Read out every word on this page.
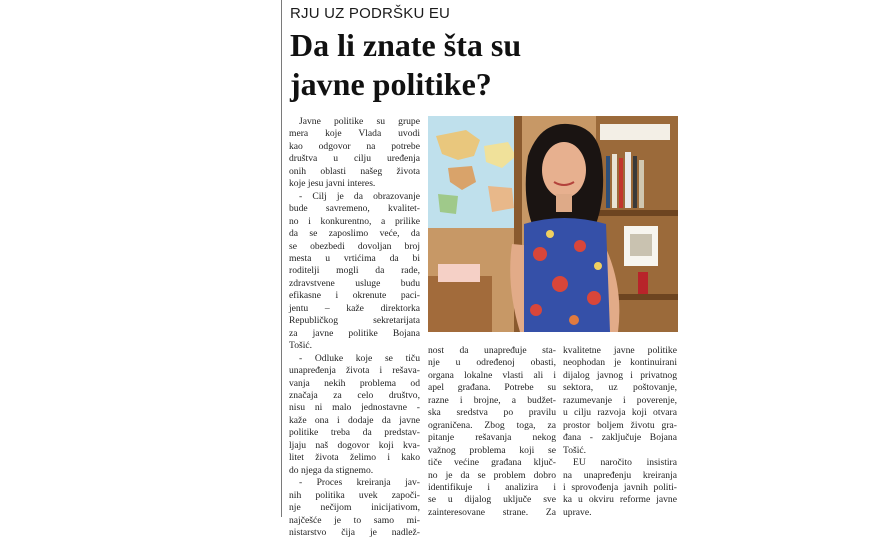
RJU UZ PODRŠKU EU
Da li znate šta su
javne politike?
Javne politike su grupe
mera koje Vlada uvodi
kao odgovor na potrebe
društva u cilju uređenja
onih oblasti našeg života
koje jesu javni interes.
- Cilj je da obrazovanje
bude savremeno, kvalitet-
no i konkurentno, a prilike
da se zaposlimo veće, da
se obezbedi dovoljan broj
mesta u vrtićima da bi
roditelji mogli da rade,
zdravstvene usluge budu
efikasne i okrenute paci-
jentu – kaže direktorka
Republičkog sekretarijata
za javne politike Bojana
Tošić.
- Odluke koje se tiču
unapređenja života i rešava-
vanja nekih problema od
značaja za celo društvo,
nisu ni malo jednostavne -
kaže ona i dodaje da javne
politike treba da predstav-
ljaju naš dogovor koji kva-
litet života želimo i kako
do njega da stignemo.
- Proces kreiranja jav-
nih politika uvek započi-
nje nečijom inicijativom,
najčešće je to samo mi-
nistarstvo čija je nadlež-
nost da unapređuje sta-
nje u određenoj obasti,
organa lokalne vlasti ali i
apel građana. Potrebe su
razne i brojne, a budžet-
ska sredstva po pravilu
ograničena. Zbog toga, za
pitanje rešavanja nekog
važnog problema koji se
tiče većine građana ključ-
no je da se problem dobro
identifikuje i analizira i
se u dijalog uključe sve
zainteresovane strane. Za
kvalitetne javne politike
neophodan je kontinuirani
dijalog javnog i privatnog
sektora, uz poštovanje,
razumevanje i poverenje,
u cilju razvoja koji otvara
prostor boljem životu gra-
đana - zaključuje Bojana
Tošić.
EU naročito insistira
na unapređenju kreiranja
i sprovođenja javnih politi-
ka u okviru reforme javne
uprave.
